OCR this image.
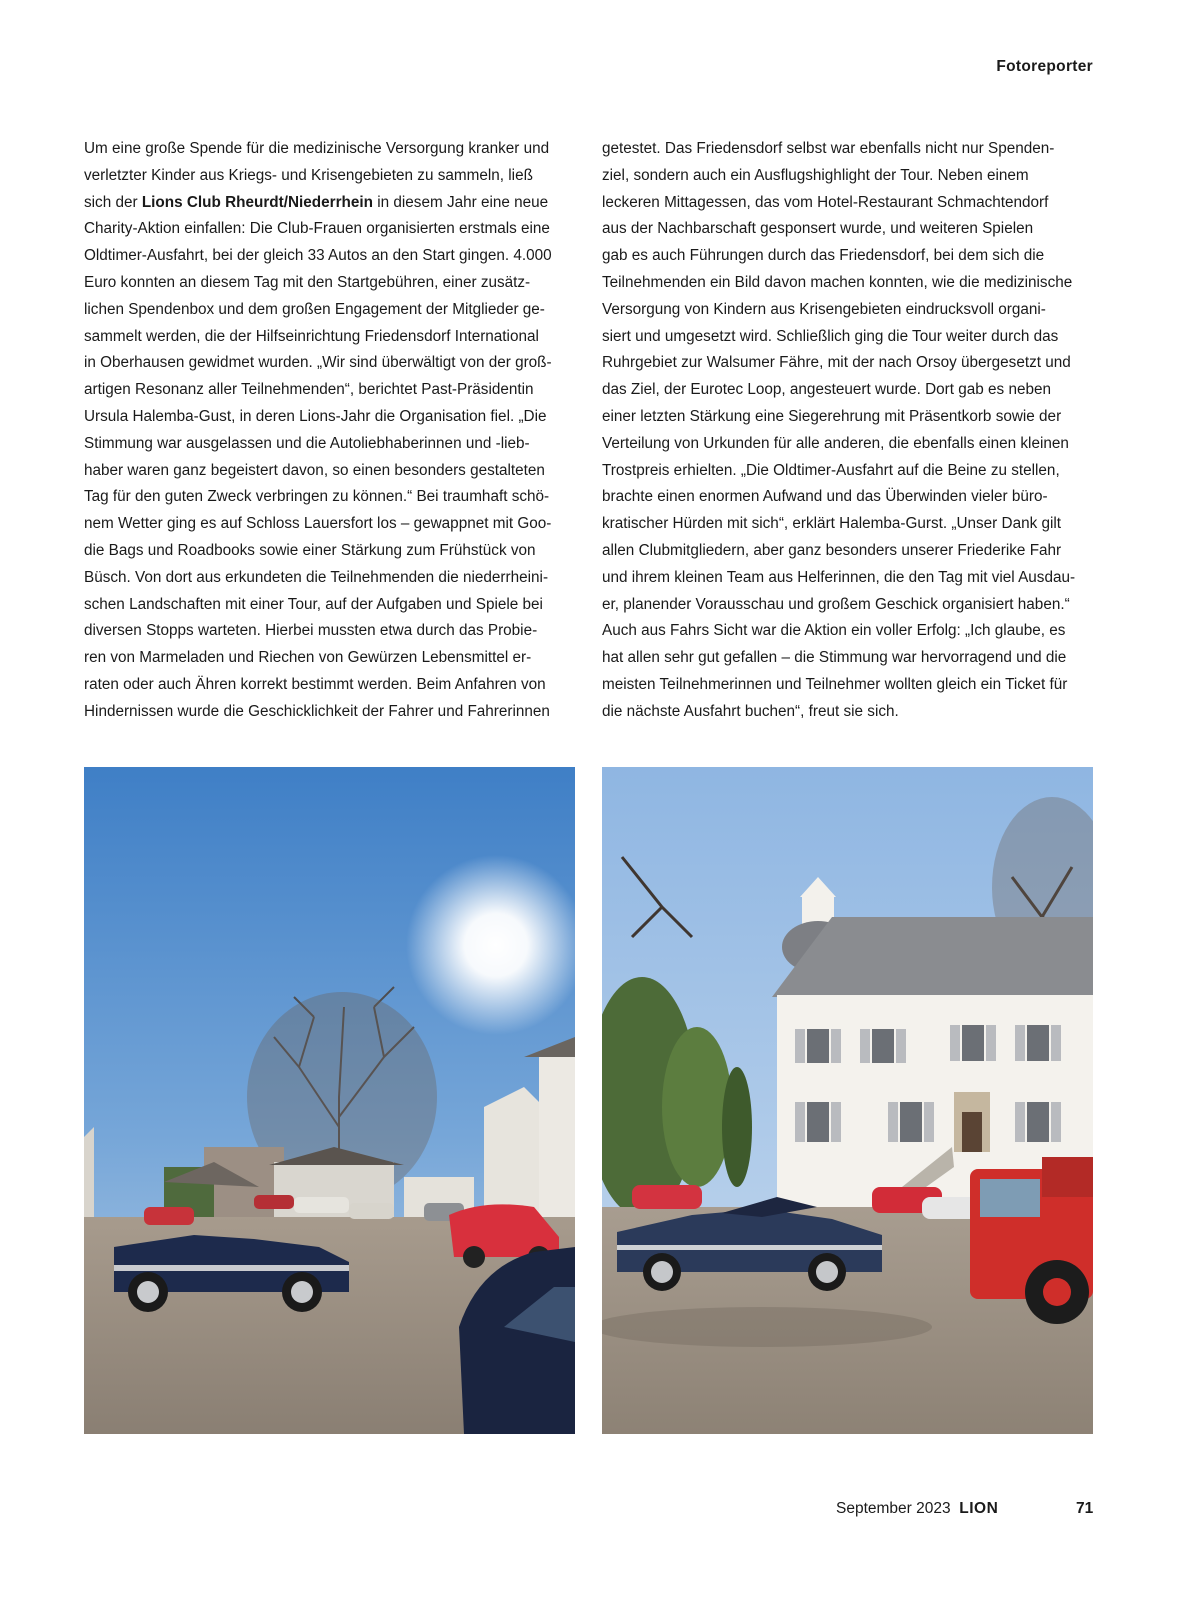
Fotoreporter
Um eine große Spende für die medizinische Versorgung kranker und
verletzter Kinder aus Kriegs- und Krisengebieten zu sammeln, ließ
sich der Lions Club Rheurdt/Niederrhein in diesem Jahr eine neue
Charity-Aktion einfallen: Die Club-Frauen organisierten erstmals eine
Oldtimer-Ausfahrt, bei der gleich 33 Autos an den Start gingen. 4.000
Euro konnten an diesem Tag mit den Startgebühren, einer zusätz-
lichen Spendenbox und dem großen Engagement der Mitglieder ge-
sammelt werden, die der Hilfseinrichtung Friedensdorf International
in Oberhausen gewidmet wurden. „Wir sind überwältigt von der groß-
artigen Resonanz aller Teilnehmenden“, berichtet Past-Präsidentin
Ursula Halemba-Gust, in deren Lions-Jahr die Organisation fiel. „Die
Stimmung war ausgelassen und die Autoliebhaberinnen und -lieb-
haber waren ganz begeistert davon, so einen besonders gestalteten
Tag für den guten Zweck verbringen zu können.“ Bei traumhaft schö-
nem Wetter ging es auf Schloss Lauersfort los – gewappnet mit Goo-
die Bags und Roadbooks sowie einer Stärkung zum Frühstück von
Büsch. Von dort aus erkundeten die Teilnehmenden die niederrheini-
schen Landschaften mit einer Tour, auf der Aufgaben und Spiele bei
diversen Stopps warteten. Hierbei mussten etwa durch das Probie-
ren von Marmeladen und Riechen von Gewürzen Lebensmittel er-
raten oder auch Ähren korrekt bestimmt werden. Beim Anfahren von
Hindernissen wurde die Geschicklichkeit der Fahrer und Fahrerinnen
getestet. Das Friedensdorf selbst war ebenfalls nicht nur Spenden-
ziel, sondern auch ein Ausflugshighlight der Tour. Neben einem
leckeren Mittagessen, das vom Hotel-Restaurant Schmachtendorf
aus der Nachbarschaft gesponsert wurde, und weiteren Spielen
gab es auch Führungen durch das Friedensdorf, bei dem sich die
Teilnehmenden ein Bild davon machen konnten, wie die medizinische
Versorgung von Kindern aus Krisengebieten eindrucksvoll organi-
siert und umgesetzt wird. Schließlich ging die Tour weiter durch das
Ruhrgebiet zur Walsumer Fähre, mit der nach Orsoy übergesetzt und
das Ziel, der Eurotec Loop, angesteuert wurde. Dort gab es neben
einer letzten Stärkung eine Siegerehrung mit Präsentkorb sowie der
Verteilung von Urkunden für alle anderen, die ebenfalls einen kleinen
Trostpreis erhielten. „Die Oldtimer-Ausfahrt auf die Beine zu stellen,
brachte einen enormen Aufwand und das Überwinden vieler büro-
kratischer Hürden mit sich“, erklärt Halemba-Gurst. „Unser Dank gilt
allen Clubmitgliedern, aber ganz besonders unserer Friederike Fahr
und ihrem kleinen Team aus Helferinnen, die den Tag mit viel Ausdau-
er, planender Vorausschau und großem Geschick organisiert haben.“
Auch aus Fahrs Sicht war die Aktion ein voller Erfolg: „Ich glaube, es
hat allen sehr gut gefallen – die Stimmung war hervorragend und die
meisten Teilnehmerinnen und Teilnehmer wollten gleich ein Ticket für
die nächste Ausfahrt buchen“, freut sie sich.
September 2023 LION	71
